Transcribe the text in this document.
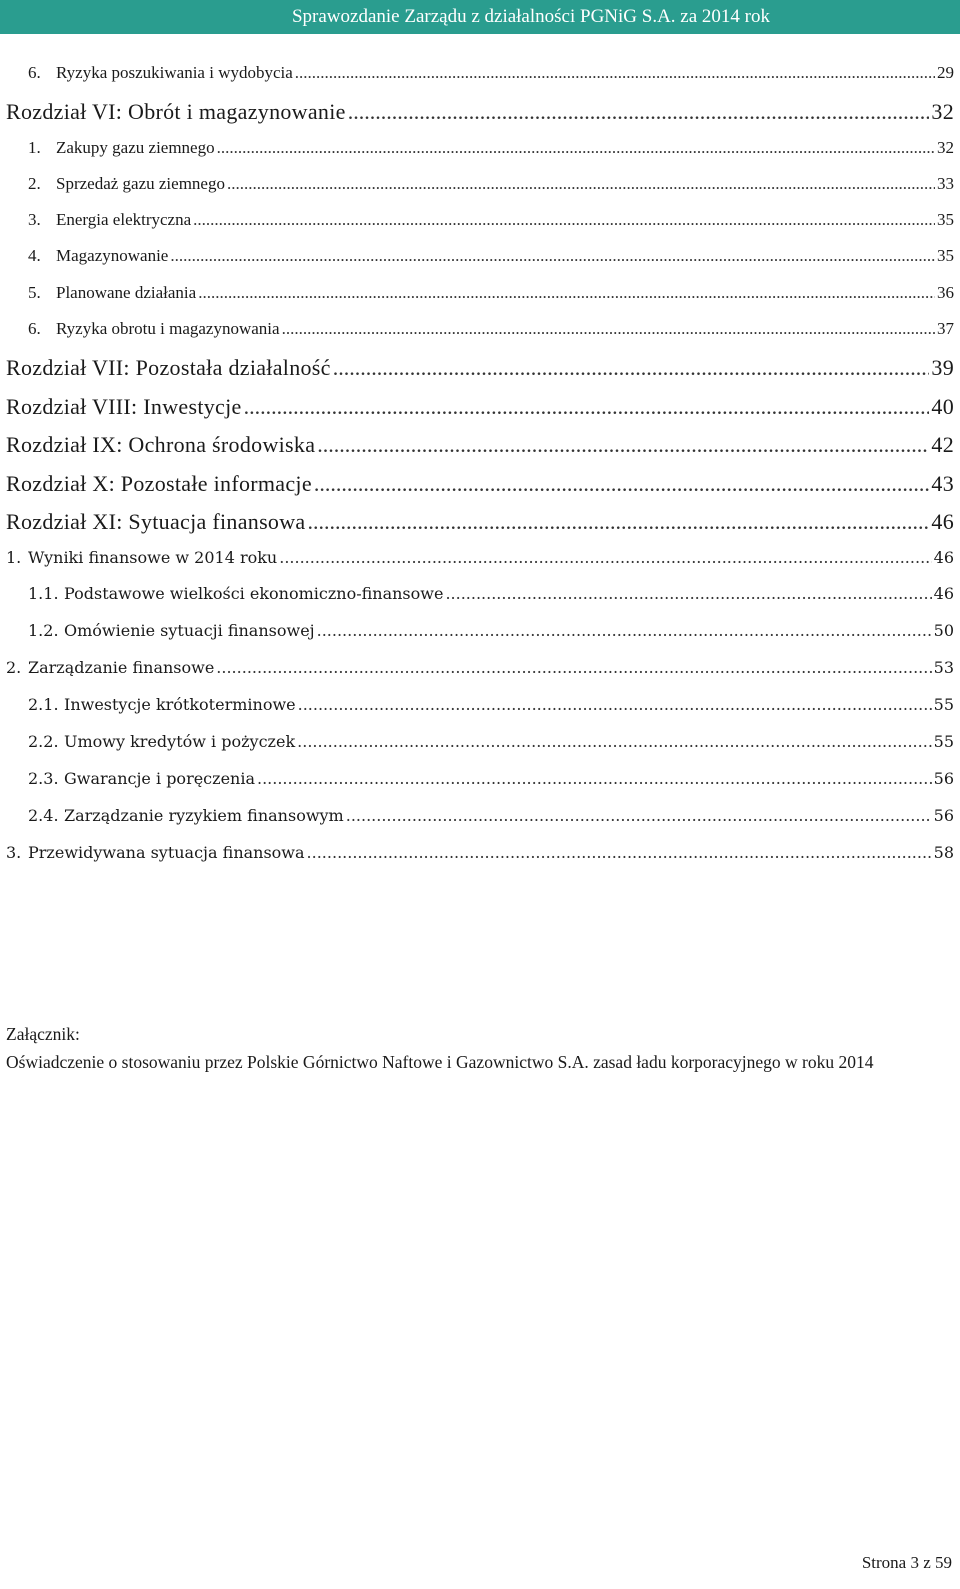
Sprawozdanie Zarządu z działalności PGNiG S.A. za 2014 rok
6. Ryzyka poszukiwania i wydobycia .....	29
Rozdział VI: Obrót i magazynowanie .....	32
1. Zakupy gazu ziemnego .....	32
2. Sprzedaż gazu ziemnego .....	33
3. Energia elektryczna .....	35
4. Magazynowanie .....	35
5. Planowane działania .....	36
6. Ryzyka obrotu i magazynowania .....	37
Rozdział VII: Pozostała działalność .....	39
Rozdział VIII: Inwestycje .....	40
Rozdział IX: Ochrona środowiska .....	42
Rozdział X: Pozostałe informacje .....	43
Rozdział XI: Sytuacja finansowa .....	46
1. Wyniki finansowe w 2014 roku .....	46
1.1. Podstawowe wielkości ekonomiczno-finansowe .....	46
1.2. Omówienie sytuacji finansowej .....	50
2. Zarządzanie finansowe .....	53
2.1. Inwestycje krótkoterminowe .....	55
2.2. Umowy kredytów i pożyczek .....	55
2.3. Gwarancje i poręczenia .....	56
2.4. Zarządzanie ryzykiem finansowym .....	56
3. Przewidywana sytuacja finansowa .....	58
Załącznik:
Oświadczenie o stosowaniu przez Polskie Górnictwo Naftowe i Gazownictwo S.A. zasad ładu korporacyjnego w roku 2014
Strona 3 z 59
